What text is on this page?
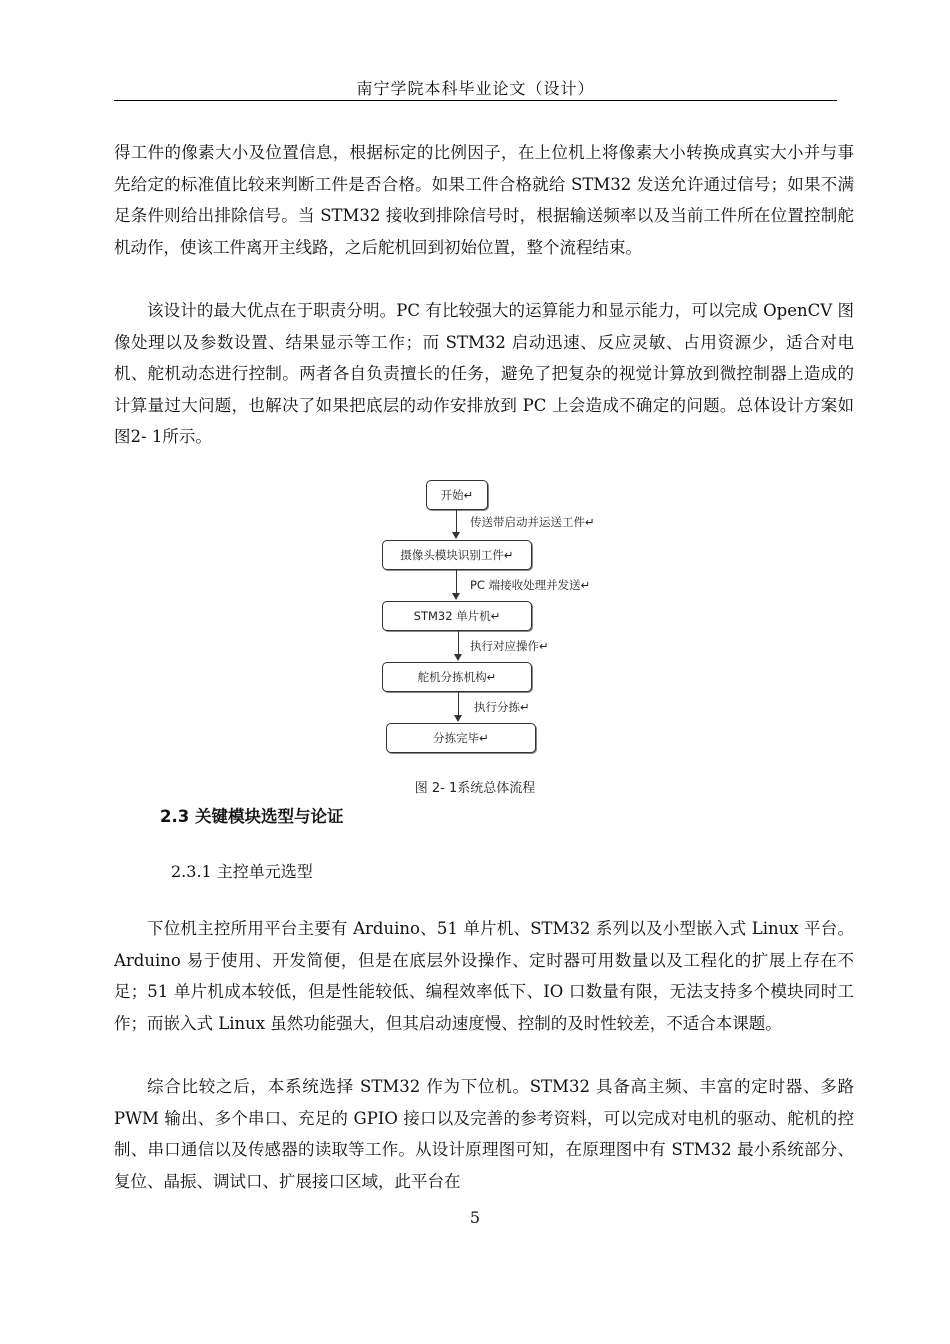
南宁学院本科毕业论文（设计）

得工件的像素大小及位置信息，根据标定的比例因子，在上位机上将像素大小转换成真实大小并与事先给定的标准值比较来判断工件是否合格。如果工件合格就给 STM32 发送允许通过信号；如果不满足条件则给出排除信号。当 STM32 接收到排除信号时，根据输送频率以及当前工件所在位置控制舵机动作，使该工件离开主线路，之后舵机回到初始位置，整个流程结束。

该设计的最大优点在于职责分明。PC 有比较强大的运算能力和显示能力，可以完成 OpenCV 图像处理以及参数设置、结果显示等工作；而 STM32 启动迅速、反应灵敏、占用资源少，适合对电机、舵机动态进行控制。两者各自负责擅长的任务，避免了把复杂的视觉计算放到微控制器上造成的计算量过大问题，也解决了如果把底层的动作安排放到 PC 上会造成不确定的问题。总体设计方案如图2- 1所示。

开始↵
传送带启动并运送工件↵
摄像头模块识别工件↵
PC 端接收处理并发送↵
STM32 单片机↵
执行对应操作↵
舵机分拣机构↵
执行分拣↵
分拣完毕↵
图 2- 1系统总体流程
2.3 关键模块选型与论证
2.3.1 主控单元选型

下位机主控所用平台主要有 Arduino、51 单片机、STM32 系列以及小型嵌入式 Linux 平台。Arduino 易于使用、开发简便，但是在底层外设操作、定时器可用数量以及工程化的扩展上存在不足；51 单片机成本较低，但是性能较低、编程效率低下、IO 口数量有限，无法支持多个模块同时工作；而嵌入式 Linux 虽然功能强大，但其启动速度慢、控制的及时性较差，不适合本课题。

综合比较之后，本系统选择 STM32 作为下位机。STM32 具备高主频、丰富的定时器、多路 PWM 输出、多个串口、充足的 GPIO 接口以及完善的参考资料，可以完成对电机的驱动、舵机的控制、串口通信以及传感器的读取等工作。从设计原理图可知，在原理图中有 STM32 最小系统部分、复位、晶振、调试口、扩展接口区域，此平台在

5
